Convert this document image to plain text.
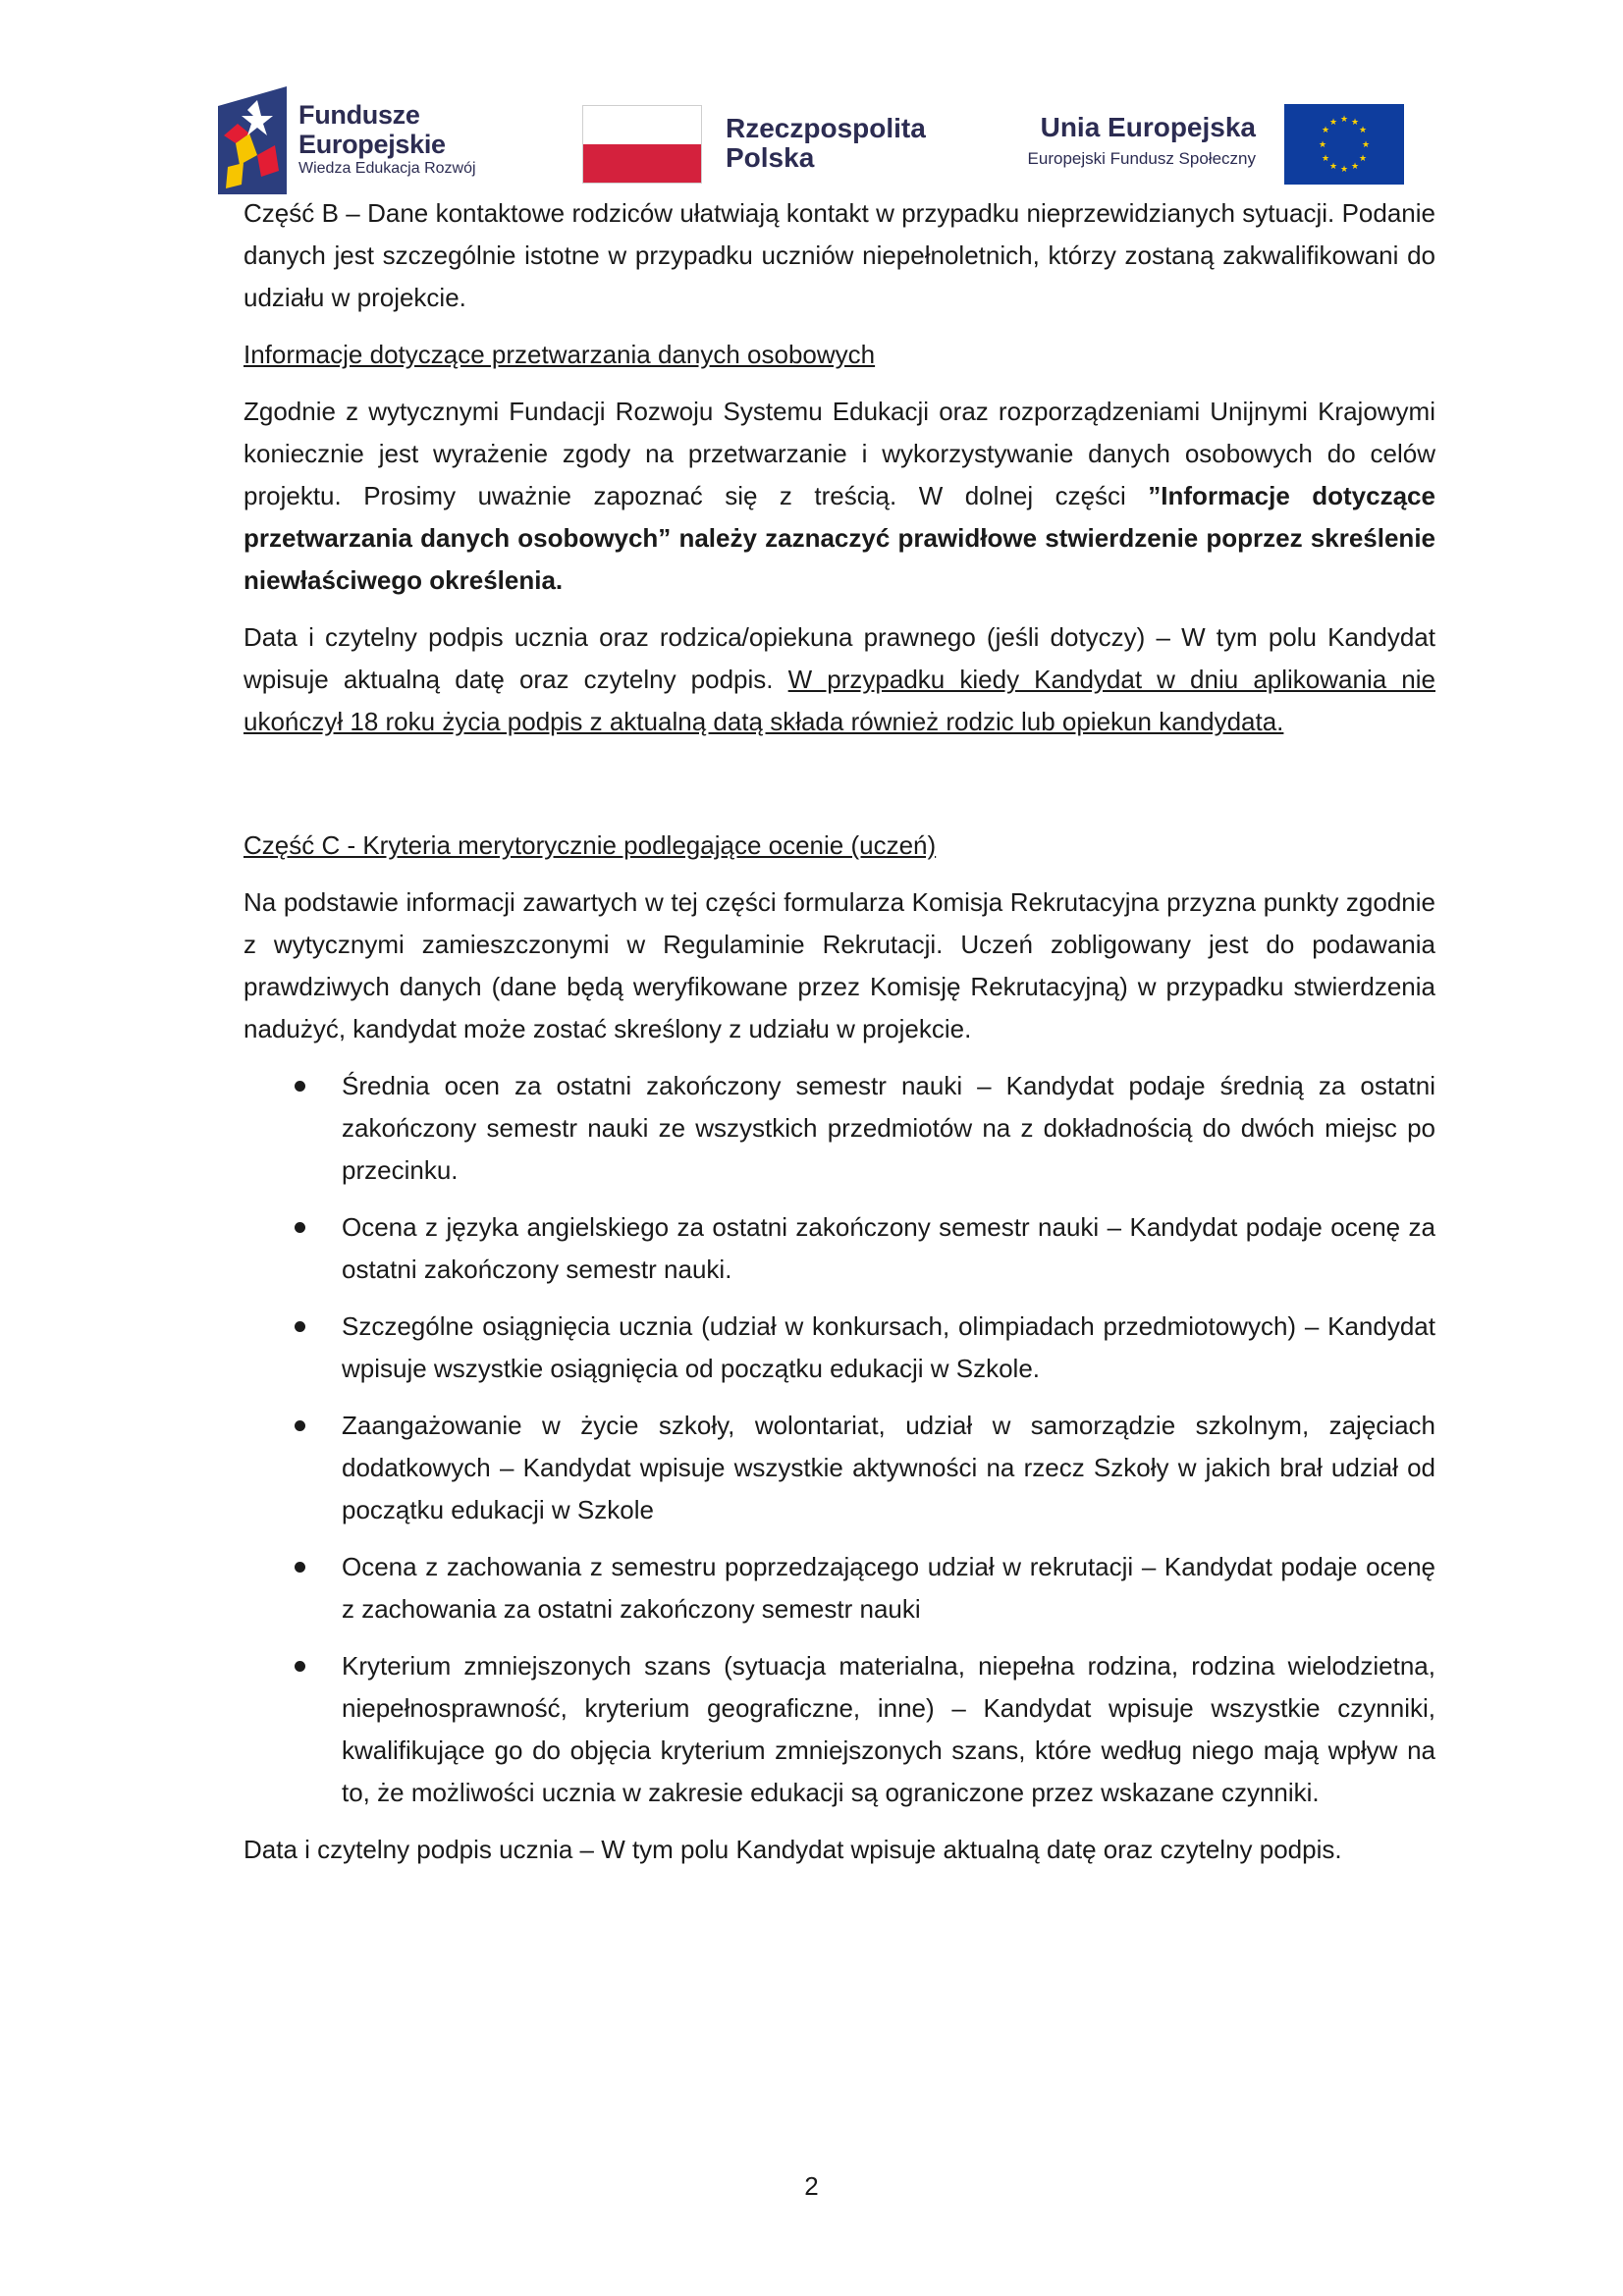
Fundusze
Europejskie
Wiedza Edukacja Rozwój
Rzeczpospolita
Polska
Unia Europejska
Europejski Fundusz Społeczny
★ ★
★
★
★
★
★
★
★
★
★
★

Część B – Dane kontaktowe rodziców ułatwiają kontakt w przypadku nieprzewidzianych sytuacji. Podanie danych jest szczególnie istotne w przypadku uczniów niepełnoletnich, którzy zostaną zakwalifikowani do udziału w projekcie.

Informacje dotyczące przetwarzania danych osobowych

Zgodnie z wytycznymi Fundacji Rozwoju Systemu Edukacji oraz rozporządzeniami Unijnymi Krajowymi koniecznie jest wyrażenie zgody na przetwarzanie i wykorzystywanie danych osobowych do celów projektu. Prosimy uważnie zapoznać się z treścią. W dolnej części ”Informacje dotyczące przetwarzania danych osobowych” należy zaznaczyć prawidłowe stwierdzenie poprzez skreślenie niewłaściwego określenia.

Data i czytelny podpis ucznia oraz rodzica/opiekuna prawnego (jeśli dotyczy) – W tym polu Kandydat wpisuje aktualną datę oraz czytelny podpis. W przypadku kiedy Kandydat w dniu aplikowania nie ukończył 18 roku życia podpis z aktualną datą składa również rodzic lub opiekun kandydata.

Część C - Kryteria merytorycznie podlegające ocenie (uczeń)

Na podstawie informacji zawartych w tej części formularza Komisja Rekrutacyjna przyzna punkty zgodnie z wytycznymi zamieszczonymi w Regulaminie Rekrutacji. Uczeń zobligowany jest do podawania prawdziwych danych (dane będą weryfikowane przez Komisję Rekrutacyjną) w przypadku stwierdzenia nadużyć, kandydat może zostać skreślony z udziału w projekcie.

Średnia ocen za ostatni zakończony semestr nauki – Kandydat podaje średnią za ostatni zakończony semestr nauki ze wszystkich przedmiotów na z dokładnością do dwóch miejsc po przecinku.
Ocena z języka angielskiego za ostatni zakończony semestr nauki – Kandydat podaje ocenę za ostatni zakończony semestr nauki.
Szczególne osiągnięcia ucznia (udział w konkursach, olimpiadach przedmiotowych) – Kandydat wpisuje wszystkie osiągnięcia od początku edukacji w Szkole.
Zaangażowanie w życie szkoły, wolontariat, udział w samorządzie szkolnym, zajęciach dodatkowych – Kandydat wpisuje wszystkie aktywności na rzecz Szkoły w jakich brał udział od początku edukacji w Szkole
Ocena z zachowania z semestru poprzedzającego udział w rekrutacji – Kandydat podaje ocenę z zachowania za ostatni zakończony semestr nauki
Kryterium zmniejszonych szans (sytuacja materialna, niepełna rodzina, rodzina wielodzietna, niepełnosprawność, kryterium geograficzne, inne) – Kandydat wpisuje wszystkie czynniki, kwalifikujące go do objęcia kryterium zmniejszonych szans, które według niego mają wpływ na to, że możliwości ucznia w zakresie edukacji są ograniczone przez wskazane czynniki.

Data i czytelny podpis ucznia – W tym polu Kandydat wpisuje aktualną datę oraz czytelny podpis.

2
